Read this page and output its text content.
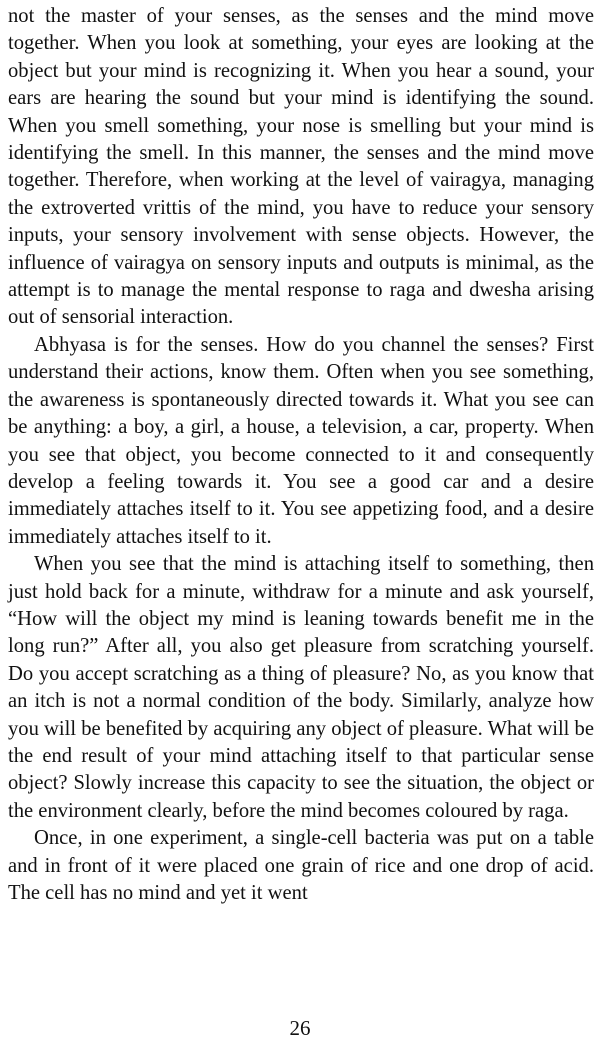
not the master of your senses, as the senses and the mind move together. When you look at something, your eyes are looking at the object but your mind is recognizing it. When you hear a sound, your ears are hearing the sound but your mind is identifying the sound. When you smell something, your nose is smelling but your mind is identifying the smell. In this manner, the senses and the mind move together. Therefore, when working at the level of vairagya, managing the extroverted vrittis of the mind, you have to reduce your sensory inputs, your sensory involvement with sense objects. However, the influence of vairagya on sensory inputs and outputs is minimal, as the attempt is to manage the mental response to raga and dwesha arising out of sensorial interaction.

Abhyasa is for the senses. How do you channel the senses? First understand their actions, know them. Often when you see something, the awareness is spontaneously directed towards it. What you see can be anything: a boy, a girl, a house, a television, a car, property. When you see that object, you become connected to it and consequently develop a feeling towards it. You see a good car and a desire immediately attaches itself to it. You see appetizing food, and a desire immediately attaches itself to it.

When you see that the mind is attaching itself to something, then just hold back for a minute, withdraw for a minute and ask yourself, “How will the object my mind is leaning towards benefit me in the long run?” After all, you also get pleasure from scratching yourself. Do you accept scratching as a thing of pleasure? No, as you know that an itch is not a normal condition of the body. Similarly, analyze how you will be benefited by acquiring any object of pleasure. What will be the end result of your mind attaching itself to that particular sense object? Slowly increase this capacity to see the situation, the object or the environment clearly, before the mind becomes coloured by raga.

Once, in one experiment, a single-cell bacteria was put on a table and in front of it were placed one grain of rice and one drop of acid. The cell has no mind and yet it went

26
